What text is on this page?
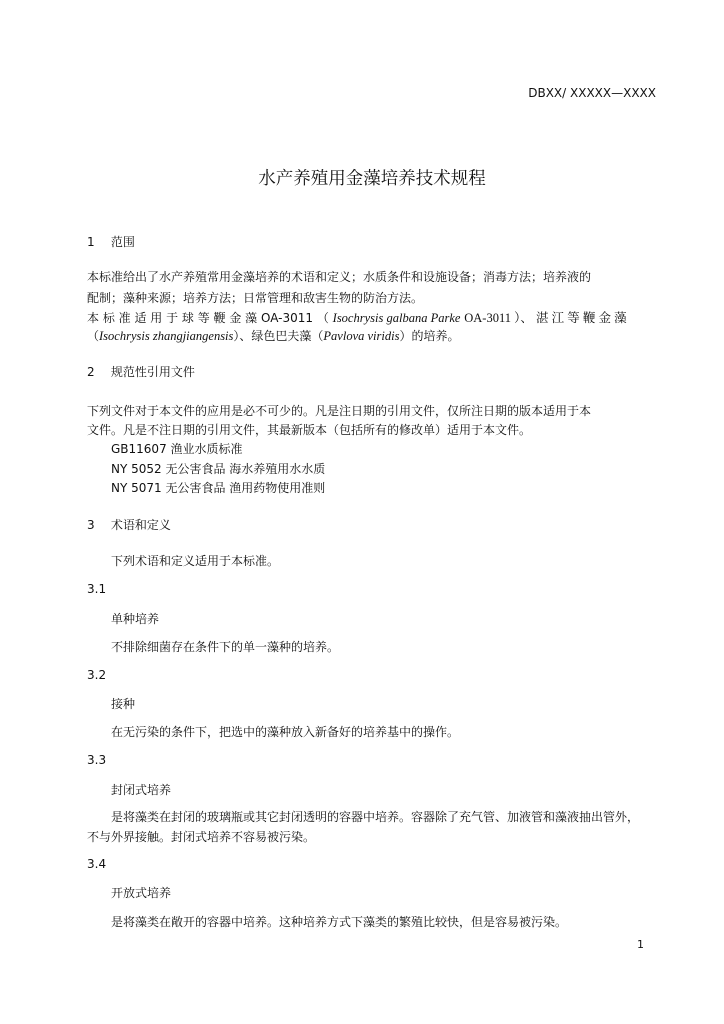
DBXX/ XXXXX—XXXX
水产养殖用金藻培养技术规程
1 范围
本标准给出了水产养殖常用金藻培养的术语和定义；水质条件和设施设备；消毒方法；培养液的
配制；藻种来源；培养方法；日常管理和敌害生物的防治方法。
本 标 准 适 用 于 球 等 鞭 金 藻 OA-3011 （ Isochrysis galbana Parke OA-3011 ）、 湛 江 等 鞭 金 藻
（Isochrysis zhangjiangensis）、绿色巴夫藻（Pavlova viridis）的培养。
2 规范性引用文件
下列文件对于本文件的应用是必不可少的。凡是注日期的引用文件，仅所注日期的版本适用于本
文件。凡是不注日期的引用文件，其最新版本（包括所有的修改单）适用于本文件。
GB11607 渔业水质标准
NY 5052 无公害食品 海水养殖用水水质
NY 5071 无公害食品 渔用药物使用准则
3 术语和定义
下列术语和定义适用于本标准。
3.1
单种培养
不排除细菌存在条件下的单一藻种的培养。
3.2
接种
在无污染的条件下，把选中的藻种放入新备好的培养基中的操作。
3.3
封闭式培养
是将藻类在封闭的玻璃瓶或其它封闭透明的容器中培养。容器除了充气管、加液管和藻液抽出管外，
不与外界接触。封闭式培养不容易被污染。
3.4
开放式培养
是将藻类在敞开的容器中培养。这种培养方式下藻类的繁殖比较快，但是容易被污染。
1
